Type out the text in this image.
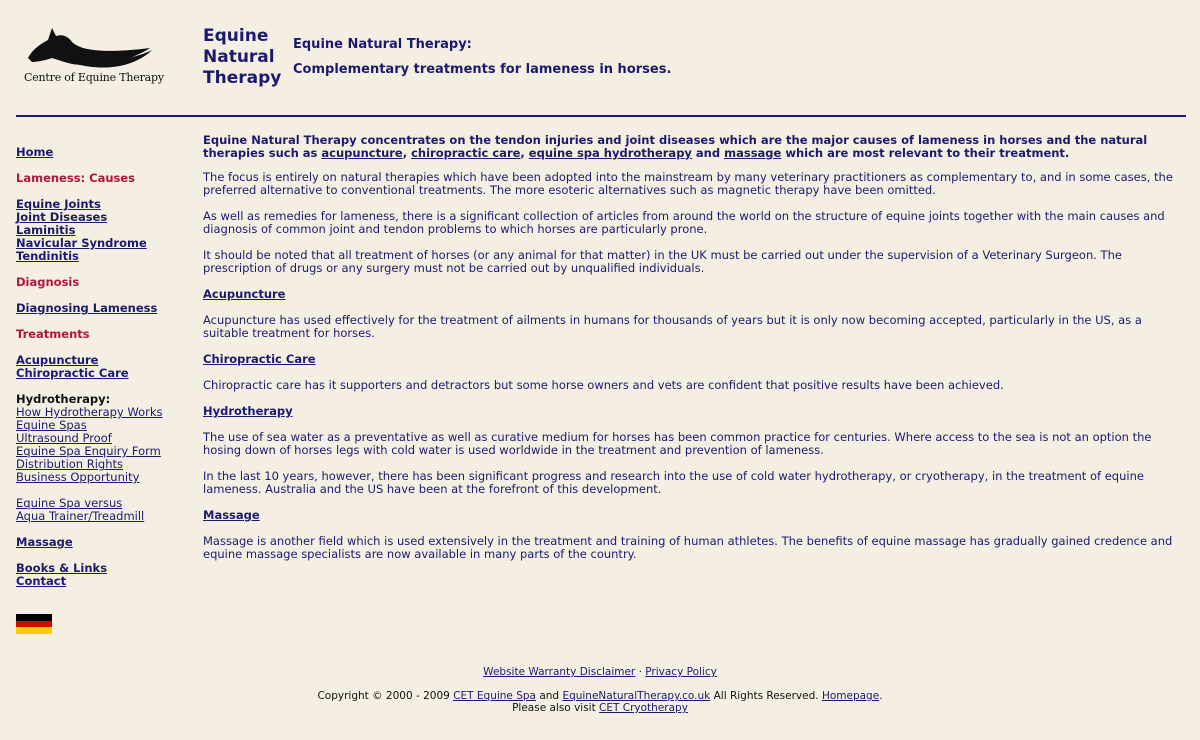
Centre of Equine Therapy
Equine
Natural
Therapy
Equine Natural Therapy:
Complementary treatments for lameness in horses.
Home
Lameness: Causes
Equine Joints
Joint Diseases
Laminitis
Navicular Syndrome
Tendinitis
Diagnosis
Diagnosing Lameness
Treatments
Acupuncture
Chiropractic Care
Hydrotherapy:
How Hydrotherapy Works
Equine Spas
Ultrasound Proof
Equine Spa Enquiry Form
Distribution Rights
Business Opportunity
Equine Spa versus
Aqua Trainer/Treadmill
Massage
Books & Links
Contact

Equine Natural Therapy concentrates on the tendon injuries and joint diseases which are the major causes of lameness in horses and the natural therapies such as acupuncture, chiropractic care, equine spa hydrotherapy and massage which are most relevant to their treatment.

The focus is entirely on natural therapies which have been adopted into the mainstream by many veterinary practitioners as complementary to, and in some cases, the preferred alternative to conventional treatments. The more esoteric alternatives such as magnetic therapy have been omitted.

As well as remedies for lameness, there is a significant collection of articles from around the world on the structure of equine joints together with the main causes and diagnosis of common joint and tendon problems to which horses are particularly prone.

It should be noted that all treatment of horses (or any animal for that matter) in the UK must be carried out under the supervision of a Veterinary Surgeon. The prescription of drugs or any surgery must not be carried out by unqualified individuals.

Acupuncture

Acupuncture has used effectively for the treatment of ailments in humans for thousands of years but it is only now becoming accepted, particularly in the US, as a suitable treatment for horses.

Chiropractic Care

Chiropractic care has it supporters and detractors but some horse owners and vets are confident that positive results have been achieved.

Hydrotherapy

The use of sea water as a preventative as well as curative medium for horses has been common practice for centuries. Where access to the sea is not an option the hosing down of horses legs with cold water is used worldwide in the treatment and prevention of lameness.

In the last 10 years, however, there has been significant progress and research into the use of cold water hydrotherapy, or cryotherapy, in the treatment of equine lameness. Australia and the US have been at the forefront of this development.

Massage

Massage is another field which is used extensively in the treatment and training of human athletes. The benefits of equine massage has gradually gained credence and equine massage specialists are now available in many parts of the country.

Website Warranty Disclaimer · Privacy Policy
Copyright © 2000 - 2009 CET Equine Spa and EquineNaturalTherapy.co.uk All Rights Reserved. Homepage.
Please also visit CET Cryotherapy
